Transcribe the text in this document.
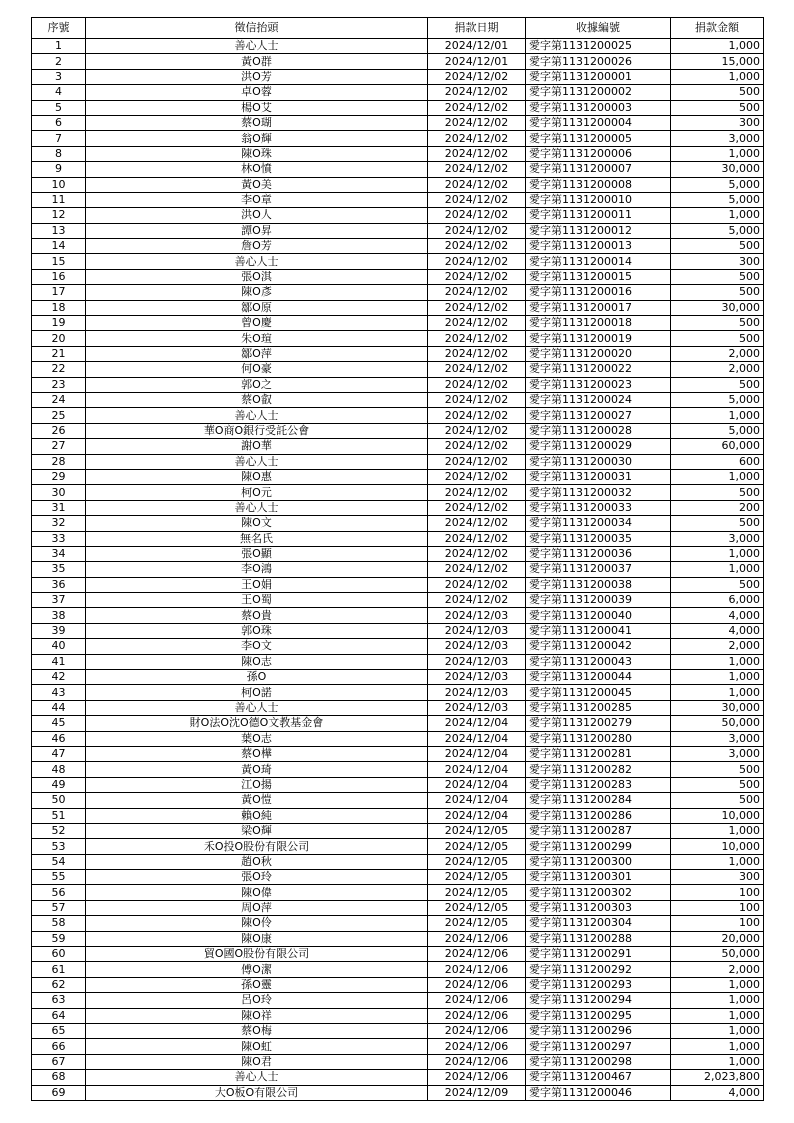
序號	徵信抬頭	捐款日期	收據編號	捐款金額
1	善心人士	2024/12/01	愛字第1131200025	1,000
2	黃O群	2024/12/01	愛字第1131200026	15,000
3	洪O芳	2024/12/02	愛字第1131200001	1,000
4	卓O蓉	2024/12/02	愛字第1131200002	500
5	楊O艾	2024/12/02	愛字第1131200003	500
6	蔡O瑚	2024/12/02	愛字第1131200004	300
7	翁O輝	2024/12/02	愛字第1131200005	3,000
8	陳O珠	2024/12/02	愛字第1131200006	1,000
9	林O憤	2024/12/02	愛字第1131200007	30,000
10	黃O美	2024/12/02	愛字第1131200008	5,000
11	李O章	2024/12/02	愛字第1131200010	5,000
12	洪O人	2024/12/02	愛字第1131200011	1,000
13	譚O昇	2024/12/02	愛字第1131200012	5,000
14	詹O芳	2024/12/02	愛字第1131200013	500
15	善心人士	2024/12/02	愛字第1131200014	300
16	張O淇	2024/12/02	愛字第1131200015	500
17	陳O彥	2024/12/02	愛字第1131200016	500
18	鄒O原	2024/12/02	愛字第1131200017	30,000
19	曾O慶	2024/12/02	愛字第1131200018	500
20	朱O瑄	2024/12/02	愛字第1131200019	500
21	鄒O萍	2024/12/02	愛字第1131200020	2,000
22	何O豪	2024/12/02	愛字第1131200022	2,000
23	郭O之	2024/12/02	愛字第1131200023	500
24	蔡O叡	2024/12/02	愛字第1131200024	5,000
25	善心人士	2024/12/02	愛字第1131200027	1,000
26	華O商O銀行受託公會	2024/12/02	愛字第1131200028	5,000
27	謝O華	2024/12/02	愛字第1131200029	60,000
28	善心人士	2024/12/02	愛字第1131200030	600
29	陳O惠	2024/12/02	愛字第1131200031	1,000
30	柯O元	2024/12/02	愛字第1131200032	500
31	善心人士	2024/12/02	愛字第1131200033	200
32	陳O文	2024/12/02	愛字第1131200034	500
33	無名氏	2024/12/02	愛字第1131200035	3,000
34	張O顯	2024/12/02	愛字第1131200036	1,000
35	李O鴻	2024/12/02	愛字第1131200037	1,000
36	王O娟	2024/12/02	愛字第1131200038	500
37	王O蜀	2024/12/02	愛字第1131200039	6,000
38	蔡O貴	2024/12/03	愛字第1131200040	4,000
39	郭O珠	2024/12/03	愛字第1131200041	4,000
40	李O文	2024/12/03	愛字第1131200042	2,000
41	陳O志	2024/12/03	愛字第1131200043	1,000
42	孫O	2024/12/03	愛字第1131200044	1,000
43	柯O諾	2024/12/03	愛字第1131200045	1,000
44	善心人士	2024/12/03	愛字第1131200285	30,000
45	財O法O沈O德O文教基金會	2024/12/04	愛字第1131200279	50,000
46	葉O志	2024/12/04	愛字第1131200280	3,000
47	蔡O樺	2024/12/04	愛字第1131200281	3,000
48	黃O琦	2024/12/04	愛字第1131200282	500
49	江O揚	2024/12/04	愛字第1131200283	500
50	黃O愷	2024/12/04	愛字第1131200284	500
51	賴O純	2024/12/04	愛字第1131200286	10,000
52	梁O輝	2024/12/05	愛字第1131200287	1,000
53	禾O投O股份有限公司	2024/12/05	愛字第1131200299	10,000
54	趙O秋	2024/12/05	愛字第1131200300	1,000
55	張O玲	2024/12/05	愛字第1131200301	300
56	陳O偉	2024/12/05	愛字第1131200302	100
57	周O萍	2024/12/05	愛字第1131200303	100
58	陳O伶	2024/12/05	愛字第1131200304	100
59	陳O康	2024/12/06	愛字第1131200288	20,000
60	貿O國O股份有限公司	2024/12/06	愛字第1131200291	50,000
61	傅O潔	2024/12/06	愛字第1131200292	2,000
62	孫O靈	2024/12/06	愛字第1131200293	1,000
63	呂O玲	2024/12/06	愛字第1131200294	1,000
64	陳O祥	2024/12/06	愛字第1131200295	1,000
65	蔡O梅	2024/12/06	愛字第1131200296	1,000
66	陳O虹	2024/12/06	愛字第1131200297	1,000
67	陳O君	2024/12/06	愛字第1131200298	1,000
68	善心人士	2024/12/06	愛字第1131200467	2,023,800
69	大O板O有限公司	2024/12/09	愛字第1131200046	4,000
